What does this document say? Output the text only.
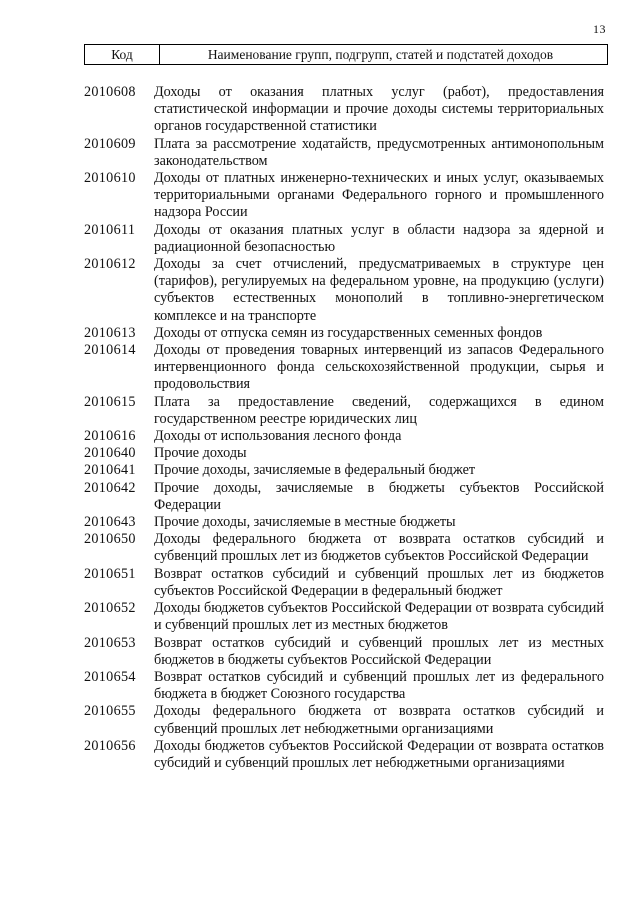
13
Код	Наименование групп, подгрупп, статей и подстатей доходов
2010608	Доходы от оказания платных услуг (работ), предоставления статистической информации и прочие доходы системы территориальных органов государственной статистики
2010609	Плата за рассмотрение ходатайств, предусмотренных антимонопольным законодательством
2010610	Доходы от платных инженерно-технических и иных услуг, оказываемых территориальными органами Федерального горного и промышленного надзора России
2010611	Доходы от оказания платных услуг в области надзора за ядерной и радиационной безопасностью
2010612	Доходы за счет отчислений, предусматриваемых в структуре цен (тарифов), регулируемых на федеральном уровне, на продукцию (услуги) субъектов естественных монополий в топливно-энергетическом комплексе и на транспорте
2010613	Доходы от отпуска семян из государственных семенных фондов
2010614	Доходы от проведения товарных интервенций из запасов Федерального интервенционного фонда сельскохозяйственной продукции, сырья и продовольствия
2010615	Плата за предоставление сведений, содержащихся в едином государственном реестре юридических лиц
2010616	Доходы от использования лесного фонда
2010640	Прочие доходы
2010641	Прочие доходы, зачисляемые в федеральный бюджет
2010642	Прочие доходы, зачисляемые в бюджеты субъектов Российской Федерации
2010643	Прочие доходы, зачисляемые в местные бюджеты
2010650	Доходы федерального бюджета от возврата остатков субсидий и субвенций прошлых лет из бюджетов субъектов Российской Федерации
2010651	Возврат остатков субсидий и субвенций прошлых лет из бюджетов субъектов Российской Федерации в федеральный бюджет
2010652	Доходы бюджетов субъектов Российской Федерации от возврата субсидий и субвенций прошлых лет из местных бюджетов
2010653	Возврат остатков субсидий и субвенций прошлых лет из местных бюджетов в бюджеты субъектов Российской Федерации
2010654	Возврат остатков субсидий и субвенций прошлых лет из федерального бюджета в бюджет Союзного государства
2010655	Доходы федерального бюджета от возврата остатков субсидий и субвенций прошлых лет небюджетными организациями
2010656	Доходы бюджетов субъектов Российской Федерации от возврата остатков субсидий и субвенций прошлых лет небюджетными организациями
